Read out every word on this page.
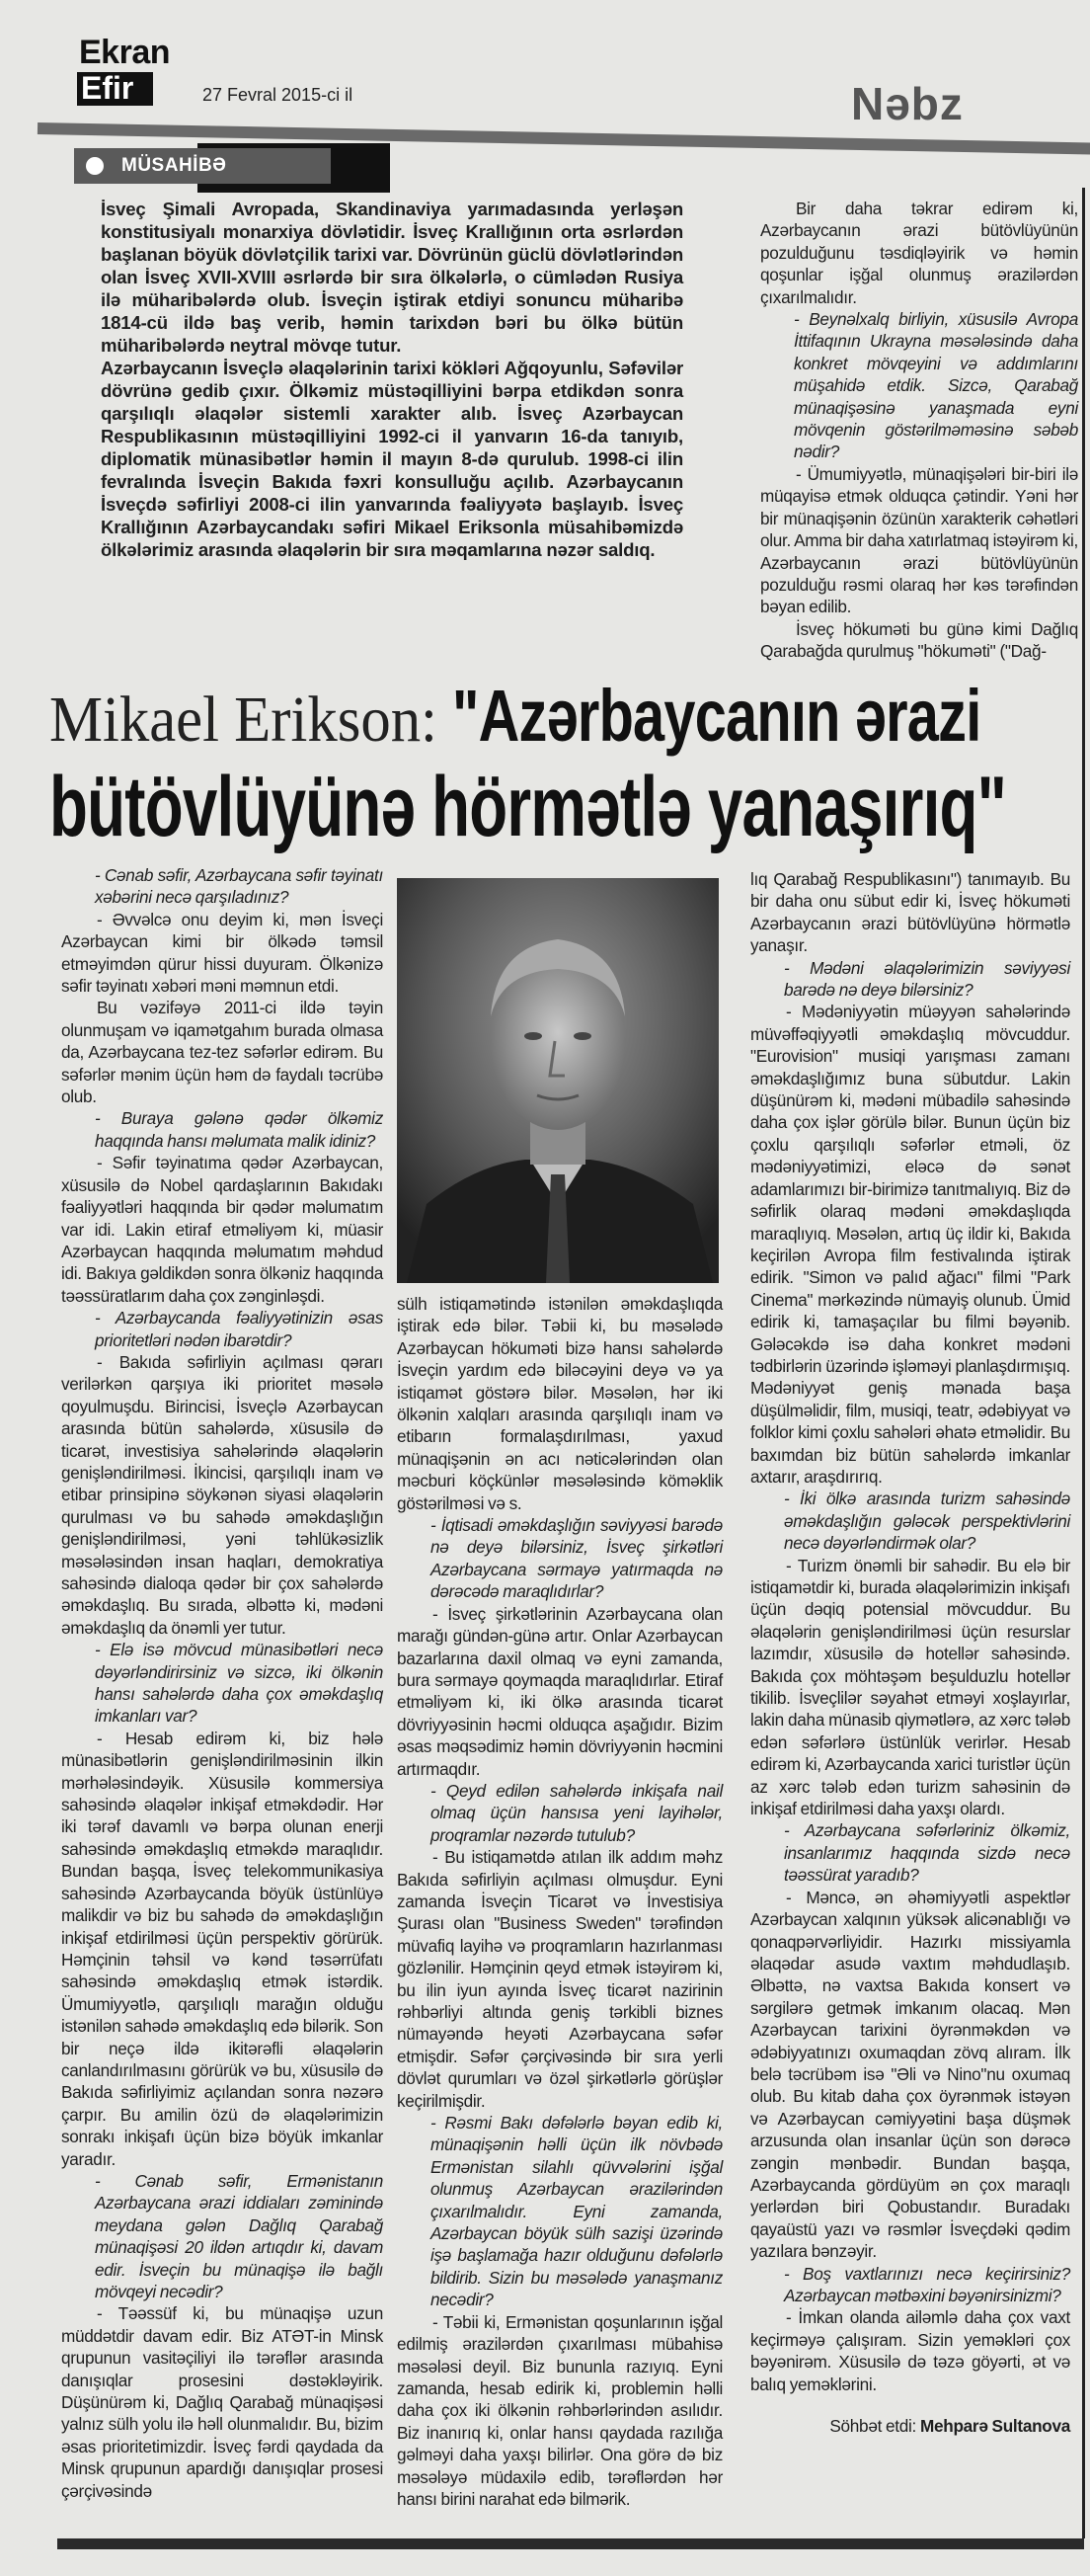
Ekran
Efir	27 Fevral 2015-ci il	Nəbz
MÜSAHİBƏ

İsveç Şimali Avropada, Skandinaviya yarımadasında yerləşən konstitusiyalı monarxiya dövlətidir. İsveç Krallığının orta əsrlərdən başlanan böyük dövlətçilik tarixi var. Dövrünün güclü dövlətlərindən olan İsveç XVII-XVIII əsrlərdə bir sıra ölkələrlə, o cümlədən Rusiya ilə müharibələrdə olub. İsveçin iştirak etdiyi sonuncu müharibə 1814-cü ildə baş verib, həmin tarixdən bəri bu ölkə bütün müharibələrdə neytral mövqe tutur.

Azərbaycanın İsveçlə əlaqələrinin tarixi kökləri Ağqoyunlu, Səfəvilər dövrünə gedib çıxır. Ölkəmiz müstəqilliyini bərpa etdikdən sonra qarşılıqlı əlaqələr sistemli xarakter alıb. İsveç Azərbaycan Respublikasının müstəqilliyini 1992-ci il yanvarın 16-da tanıyıb, diplomatik münasibətlər həmin il mayın 8-də qurulub. 1998-ci ilin fevralında İsveçin Bakıda fəxri konsulluğu açılıb. Azərbaycanın İsveçdə səfirliyi 2008-ci ilin yanvarında fəaliyyətə başlayıb. İsveç Krallığının Azərbaycandakı səfiri Mikael Eriksonla müsahibəmizdə ölkələrimiz arasında əlaqələrin bir sıra məqamlarına nəzər saldıq.

Bir daha təkrar edirəm ki, Azərbaycanın ərazi bütövlüyünün pozulduğunu təsdiqləyirik və həmin qoşunlar işğal olunmuş ərazilərdən çıxarılmalıdır.

- Beynəlxalq birliyin, xüsusilə Avropa İttifaqının Ukrayna məsələsində daha konkret mövqeyini və addımlarını müşahidə etdik. Sizcə, Qarabağ münaqişəsinə yanaşmada eyni mövqenin göstərilməməsinə səbəb nədir?

- Ümumiyyətlə, münaqişələri bir-biri ilə müqayisə etmək olduqca çətindir. Yəni hər bir münaqişənin özünün xarakterik cəhətləri olur. Amma bir daha xatırlatmaq istəyirəm ki, Azərbaycanın ərazi bütövlüyünün pozulduğu rəsmi olaraq hər kəs tərəfindən bəyan edilib.

İsveç hökuməti bu günə kimi Dağlıq Qarabağda qurulmuş "hökuməti" ("Dağ-

Mikael Erikson: "Azərbaycanın ərazi
bütövlüyünə hörmətlə yanaşırıq"

- Cənab səfir, Azərbaycana səfir təyinatı xəbərini necə qarşıladınız?

- Əvvəlcə onu deyim ki, mən İsveçi Azərbaycan kimi bir ölkədə təmsil etməyimdən qürur hissi duyuram. Ölkənizə səfir təyinatı xəbəri məni məmnun etdi.

Bu vəzifəyə 2011-ci ildə təyin olunmuşam və iqamətgahım burada olmasa da, Azərbaycana tez-tez səfərlər edirəm. Bu səfərlər mənim üçün həm də faydalı təcrübə olub.

- Buraya gələnə qədər ölkəmiz haqqında hansı məlumata malik idiniz?

- Səfir təyinatıma qədər Azərbaycan, xüsusilə də Nobel qardaşlarının Bakıdakı fəaliyyətləri haqqında bir qədər məlumatım var idi. Lakin etiraf etməliyəm ki, müasir Azərbaycan haqqında məlumatım məhdud idi. Bakıya gəldikdən sonra ölkəniz haqqında təəssüratlarım daha çox zənginləşdi.

- Azərbaycanda fəaliyyətinizin əsas prioritetləri nədən ibarətdir?

- Bakıda səfirliyin açılması qərarı verilərkən qarşıya iki prioritet məsələ qoyulmuşdu. Birincisi, İsveçlə Azərbaycan arasında bütün sahələrdə, xüsusilə də ticarət, investisiya sahələrində əlaqələrin genişləndirilməsi. İkincisi, qarşılıqlı inam və etibar prinsipinə söykənən siyasi əlaqələrin qurulması və bu sahədə əməkdaşlığın genişləndirilməsi, yəni təhlükəsizlik məsələsindən insan haqları, demokratiya sahəsində dialoqa qədər bir çox sahələrdə əməkdaşlıq. Bu sırada, əlbəttə ki, mədəni əməkdaşlıq da önəmli yer tutur.

- Elə isə mövcud münasibətləri necə dəyərləndirirsiniz və sizcə, iki ölkənin hansı sahələrdə daha çox əməkdaşlıq imkanları var?

- Hesab edirəm ki, biz hələ münasibətlərin genişləndirilməsinin ilkin mərhələsindəyik. Xüsusilə kommersiya sahəsində əlaqələr inkişaf etməkdədir. Hər iki tərəf davamlı və bərpa olunan enerji sahəsində əməkdaşlıq etməkdə maraqlıdır. Bundan başqa, İsveç telekommunikasiya sahəsində Azərbaycanda böyük üstünlüyə malikdir və biz bu sahədə də əməkdaşlığın inkişaf etdirilməsi üçün perspektiv görürük. Həmçinin təhsil və kənd təsərrüfatı sahəsində əməkdaşlıq etmək istərdik. Ümumiyyətlə, qarşılıqlı marağın olduğu istənilən sahədə əməkdaşlıq edə bilərik. Son bir neçə ildə ikitərəfli əlaqələrin canlandırılmasını görürük və bu, xüsusilə də Bakıda səfirliyimiz açılandan sonra nəzərə çarpır. Bu amilin özü də əlaqələrimizin sonrakı inkişafı üçün bizə böyük imkanlar yaradır.

- Cənab səfir, Ermənistanın Azərbaycana ərazi iddiaları zəminində meydana gələn Dağlıq Qarabağ münaqişəsi 20 ildən artıqdır ki, davam edir. İsveçin bu münaqişə ilə bağlı mövqeyi necədir?

- Təəssüf ki, bu münaqişə uzun müddətdir davam edir. Biz ATƏT-in Minsk qrupunun vasitəçiliyi ilə tərəflər arasında danışıqlar prosesini dəstəkləyirik. Düşünürəm ki, Dağlıq Qarabağ münaqişəsi yalnız sülh yolu ilə həll olunmalıdır. Bu, bizim əsas prioritetimizdir. İsveç fərdi qaydada da Minsk qrupunun apardığı danışıqlar prosesi çərçivəsində

sülh istiqamətində istənilən əməkdaşlıqda iştirak edə bilər. Təbii ki, bu məsələdə Azərbaycan hökuməti bizə hansı sahələrdə İsveçin yardım edə biləcəyini deyə və ya istiqamət göstərə bilər. Məsələn, hər iki ölkənin xalqları arasında qarşılıqlı inam və etibarın formalaşdırılması, yaxud münaqişənin ən acı nəticələrindən olan məcburi köçkünlər məsələsində köməklik göstərilməsi və s.

- İqtisadi əməkdaşlığın səviyyəsi barədə nə deyə bilərsiniz, İsveç şirkətləri Azərbaycana sərmayə yatırmaqda nə dərəcədə maraqlıdırlar?

- İsveç şirkətlərinin Azərbaycana olan marağı gündən-günə artır. Onlar Azərbaycan bazarlarına daxil olmaq və eyni zamanda, bura sərmayə qoymaqda maraqlıdırlar. Etiraf etməliyəm ki, iki ölkə arasında ticarət dövriyyəsinin həcmi olduqca aşağıdır. Bizim əsas məqsədimiz həmin dövriyyənin həcmini artırmaqdır.

- Qeyd edilən sahələrdə inkişafa nail olmaq üçün hansısa yeni layihələr, proqramlar nəzərdə tutulub?

- Bu istiqamətdə atılan ilk addım məhz Bakıda səfirliyin açılması olmuşdur. Eyni zamanda İsveçin Ticarət və İnvestisiya Şurası olan "Business Sweden" tərəfindən müvafiq layihə və proqramların hazırlanması gözlənilir. Həmçinin qeyd etmək istəyirəm ki, bu ilin iyun ayında İsveç ticarət nazirinin rəhbərliyi altında geniş tərkibli biznes nümayəndə heyəti Azərbaycana səfər etmişdir. Səfər çərçivəsində bir sıra yerli dövlət qurumları və özəl şirkətlərlə görüşlər keçirilmişdir.

- Rəsmi Bakı dəfələrlə bəyan edib ki, münaqişənin həlli üçün ilk növbədə Ermənistan silahlı qüvvələrini işğal olunmuş Azərbaycan ərazilərindən çıxarılmalıdır. Eyni zamanda, Azərbaycan böyük sülh sazişi üzərində işə başlamağa hazır olduğunu dəfələrlə bildirib. Sizin bu məsələdə yanaşmanız necədir?

- Təbii ki, Ermənistan qoşunlarının işğal edilmiş ərazilərdən çıxarılması mübahisə məsələsi deyil. Biz bununla razıyıq. Eyni zamanda, hesab edirik ki, problemin həlli daha çox iki ölkənin rəhbərlərindən asılıdır. Biz inanırıq ki, onlar hansı qaydada razılığa gəlməyi daha yaxşı bilirlər. Ona görə də biz məsələyə müdaxilə edib, tərəflərdən hər hansı birini narahat edə bilmərik.

lıq Qarabağ Respublikasını") tanımayıb. Bu bir daha onu sübut edir ki, İsveç hökuməti Azərbaycanın ərazi bütövlüyünə hörmətlə yanaşır.

- Mədəni əlaqələrimizin səviyyəsi barədə nə deyə bilərsiniz?

- Mədəniyyətin müəyyən sahələrində müvəffəqiyyətli əməkdaşlıq mövcuddur. "Eurovision" musiqi yarışması zamanı əməkdaşlığımız buna sübutdur. Lakin düşünürəm ki, mədəni mübadilə sahəsində daha çox işlər görülə bilər. Bunun üçün biz çoxlu qarşılıqlı səfərlər etməli, öz mədəniyyətimizi, eləcə də sənət adamlarımızı bir-birimizə tanıtmalıyıq. Biz də səfirlik olaraq mədəni əməkdaşlıqda maraqlıyıq. Məsələn, artıq üç ildir ki, Bakıda keçirilən Avropa film festivalında iştirak edirik. "Simon və palıd ağacı" filmi "Park Cinema" mərkəzində nümayiş olunub. Ümid edirik ki, tamaşaçılar bu filmi bəyənib. Gələcəkdə isə daha konkret mədəni tədbirlərin üzərində işləməyi planlaşdırmışıq. Mədəniyyət geniş mənada başa düşülməlidir, film, musiqi, teatr, ədəbiyyat və folklor kimi çoxlu sahələri əhatə etməlidir. Bu baxımdan biz bütün sahələrdə imkanlar axtarır, araşdırırıq.

- İki ölkə arasında turizm sahəsində əməkdaşlığın gələcək perspektivlərini necə dəyərləndirmək olar?

- Turizm önəmli bir sahədir. Bu elə bir istiqamətdir ki, burada əlaqələrimizin inkişafı üçün dəqiq potensial mövcuddur. Bu əlaqələrin genişləndirilməsi üçün resurslar lazımdır, xüsusilə də hotellər sahəsində. Bakıda çox möhtəşəm beşulduzlu hotellər tikilib. İsveçlilər səyahət etməyi xoşlayırlar, lakin daha münasib qiymətlərə, az xərc tələb edən səfərlərə üstünlük verirlər. Hesab edirəm ki, Azərbaycanda xarici turistlər üçün az xərc tələb edən turizm sahəsinin də inkişaf etdirilməsi daha yaxşı olardı.

- Azərbaycana səfərləriniz ölkəmiz, insanlarımız haqqında sizdə necə təəssürat yaradıb?

- Məncə, ən əhəmiyyətli aspektlər Azərbaycan xalqının yüksək alicənablığı və qonaqpərvərliyidir. Hazırkı missiyamla əlaqədar asudə vaxtım məhdudlaşıb. Əlbəttə, nə vaxtsa Bakıda konsert və sərgilərə getmək imkanım olacaq. Mən Azərbaycan tarixini öyrənməkdən və ədəbiyyatınızı oxumaqdan zövq alıram. İlk belə təcrübəm isə "Əli və Nino"nu oxumaq olub. Bu kitab daha çox öyrənmək istəyən və Azərbaycan cəmiyyətini başa düşmək arzusunda olan insanlar üçün son dərəcə zəngin mənbədir. Bundan başqa, Azərbaycanda gördüyüm ən çox maraqlı yerlərdən biri Qobustandır. Buradakı qayaüstü yazı və rəsmlər İsveçdəki qədim yazılara bənzəyir.

- Boş vaxtlarınızı necə keçirirsiniz? Azərbaycan mətbəxini bəyənirsinizmi?

- İmkan olanda ailəmlə daha çox vaxt keçirməyə çalışıram. Sizin yeməkləri çox bəyənirəm. Xüsusilə də təzə göyərti, ət və balıq yeməklərini.

Söhbət etdi: Mehparə Sultanova
